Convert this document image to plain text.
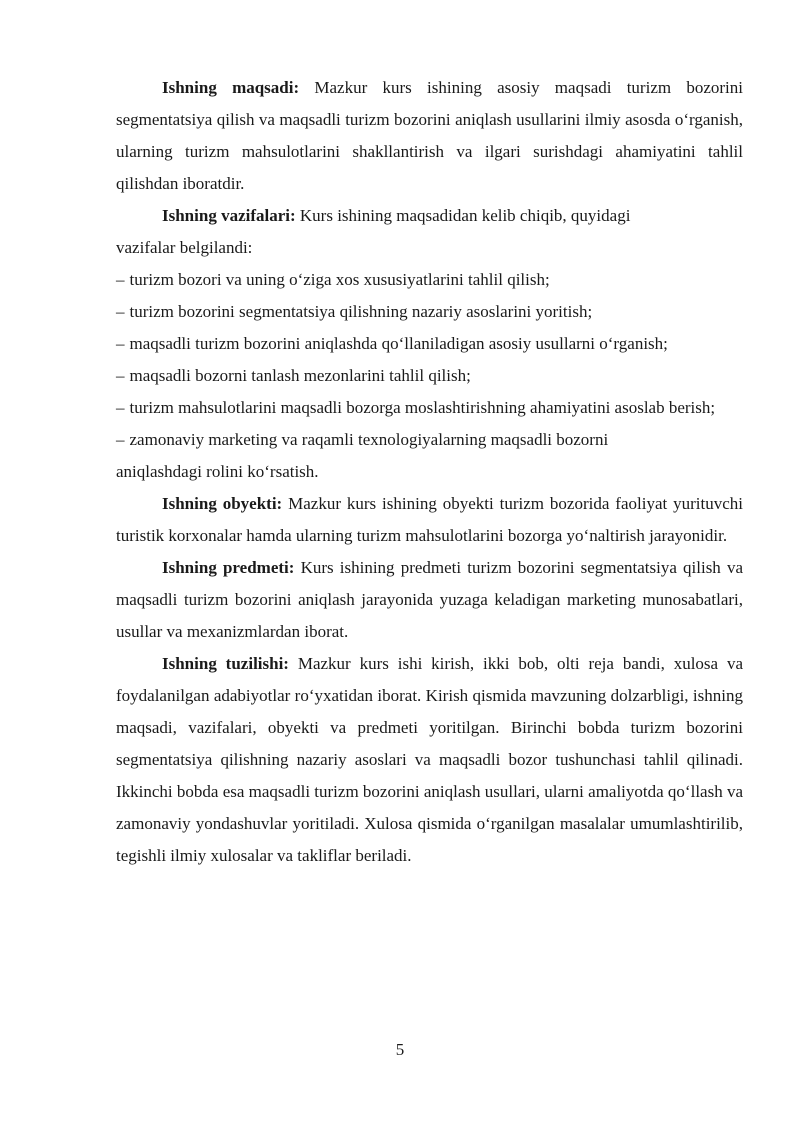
Ishning maqsadi: Mazkur kurs ishining asosiy maqsadi turizm bozorini segmentatsiya qilish va maqsadli turizm bozorini aniqlash usullarini ilmiy asosda o‘rganish, ularning turizm mahsulotlarini shakllantirish va ilgari surishdagi ahamiyatini tahlil qilishdan iboratdir.

Ishning vazifalari: Kurs ishining maqsadidan kelib chiqib, quyidagi

vazifalar belgilandi:

– turizm bozori va uning o‘ziga xos xususiyatlarini tahlil qilish;
– turizm bozorini segmentatsiya qilishning nazariy asoslarini yoritish;
– maqsadli turizm bozorini aniqlashda qo‘llaniladigan asosiy usullarni o‘rganish;
– maqsadli bozorni tanlash mezonlarini tahlil qilish;
– turizm mahsulotlarini maqsadli bozorga moslashtirishning ahamiyatini asoslab berish;
– zamonaviy marketing va raqamli texnologiyalarning maqsadli bozorni aniqlashdagi rolini ko‘rsatish.

Ishning obyekti: Mazkur kurs ishining obyekti turizm bozorida faoliyat yurituvchi turistik korxonalar hamda ularning turizm mahsulotlarini bozorga yo‘naltirish jarayonidir.

Ishning predmeti: Kurs ishining predmeti turizm bozorini segmentatsiya qilish va maqsadli turizm bozorini aniqlash jarayonida yuzaga keladigan marketing munosabatlari, usullar va mexanizmlardan iborat.

Ishning tuzilishi: Mazkur kurs ishi kirish, ikki bob, olti reja bandi, xulosa va foydalanilgan adabiyotlar ro‘yxatidan iborat. Kirish qismida mavzuning dolzarbligi, ishning maqsadi, vazifalari, obyekti va predmeti yoritilgan. Birinchi bobda turizm bozorini segmentatsiya qilishning nazariy asoslari va maqsadli bozor tushunchasi tahlil qilinadi. Ikkinchi bobda esa maqsadli turizm bozorini aniqlash usullari, ularni amaliyotda qo‘llash va zamonaviy yondashuvlar yoritiladi. Xulosa qismida o‘rganilgan masalalar umumlashtirilib, tegishli ilmiy xulosalar va takliflar beriladi.

5
